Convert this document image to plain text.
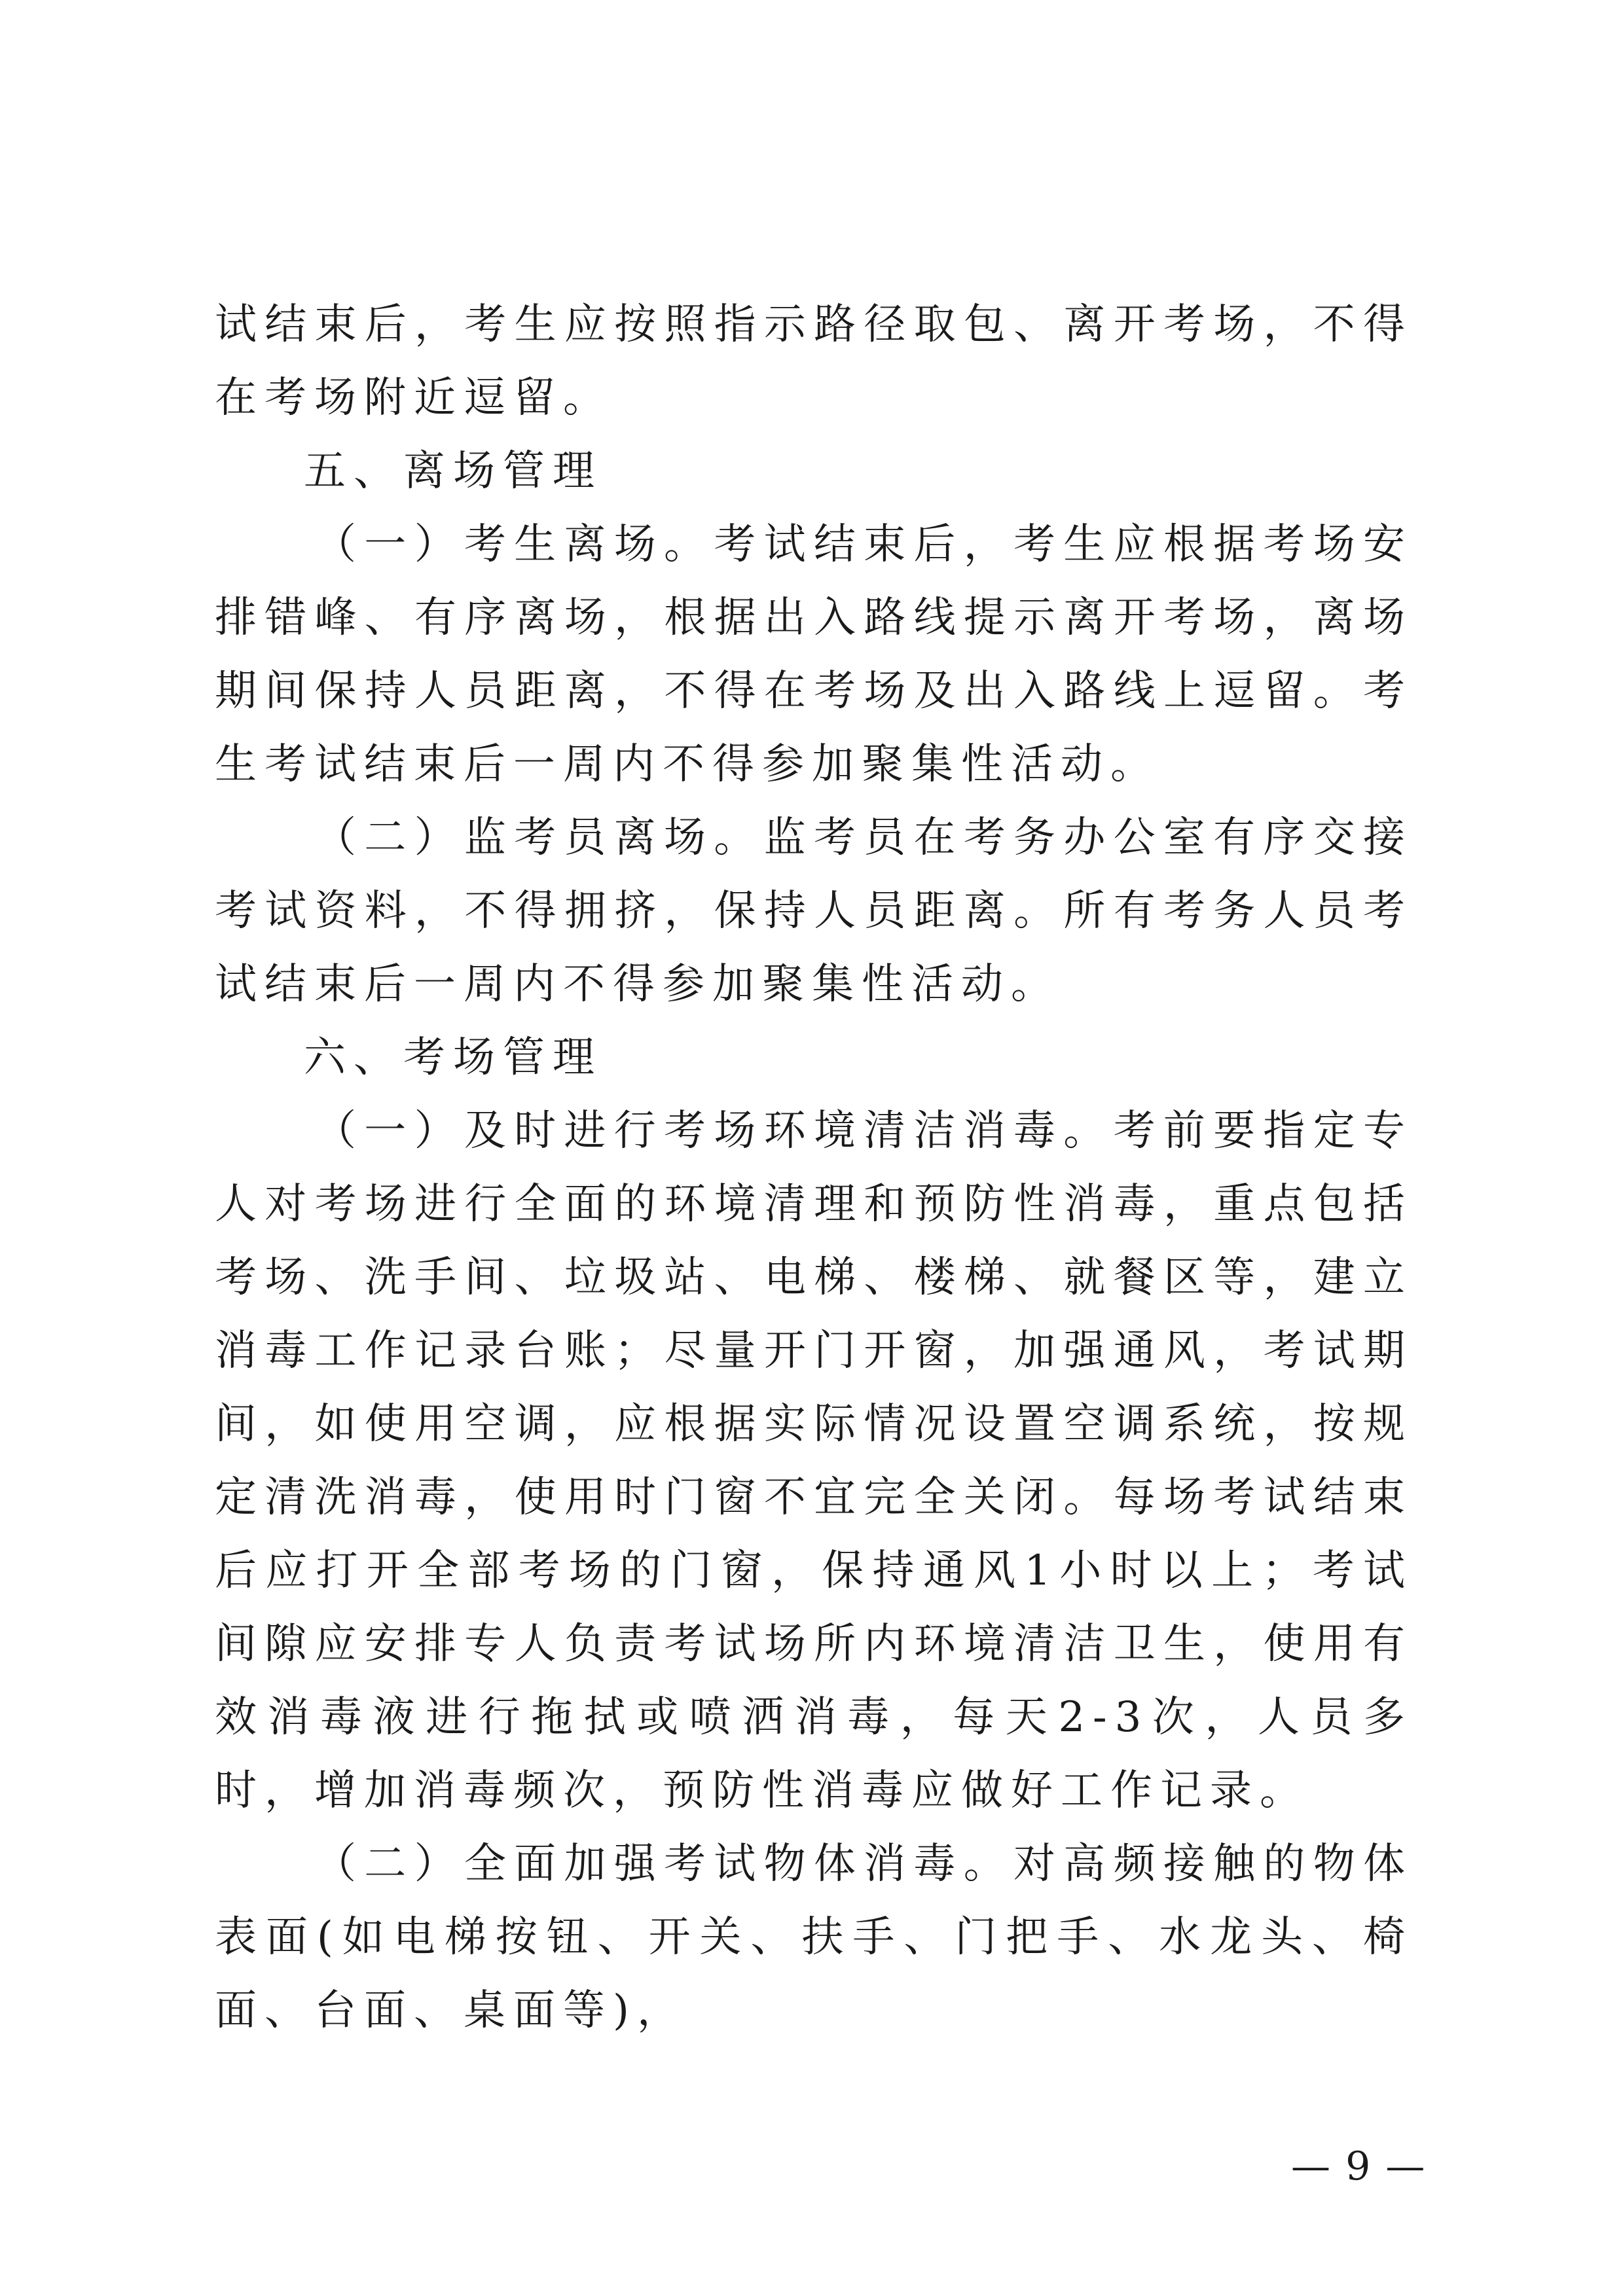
试结束后，考生应按照指示路径取包、离开考场，不得在考场附近逗留。

五、离场管理

（一）考生离场。考试结束后，考生应根据考场安排错峰、有序离场，根据出入路线提示离开考场，离场期间保持人员距离，不得在考场及出入路线上逗留。考生考试结束后一周内不得参加聚集性活动。

（二）监考员离场。监考员在考务办公室有序交接考试资料，不得拥挤，保持人员距离。所有考务人员考试结束后一周内不得参加聚集性活动。

六、考场管理

（一）及时进行考场环境清洁消毒。考前要指定专人对考场进行全面的环境清理和预防性消毒，重点包括考场、洗手间、垃圾站、电梯、楼梯、就餐区等，建立消毒工作记录台账；尽量开门开窗，加强通风，考试期间，如使用空调，应根据实际情况设置空调系统，按规定清洗消毒，使用时门窗不宜完全关闭。每场考试结束后应打开全部考场的门窗，保持通风1小时以上；考试间隙应安排专人负责考试场所内环境清洁卫生，使用有效消毒液进行拖拭或喷洒消毒，每天2-3次，人员多时，增加消毒频次，预防性消毒应做好工作记录。

（二）全面加强考试物体消毒。对高频接触的物体表面(如电梯按钮、开关、扶手、门把手、水龙头、椅面、台面、桌面等)，

— 9 —
